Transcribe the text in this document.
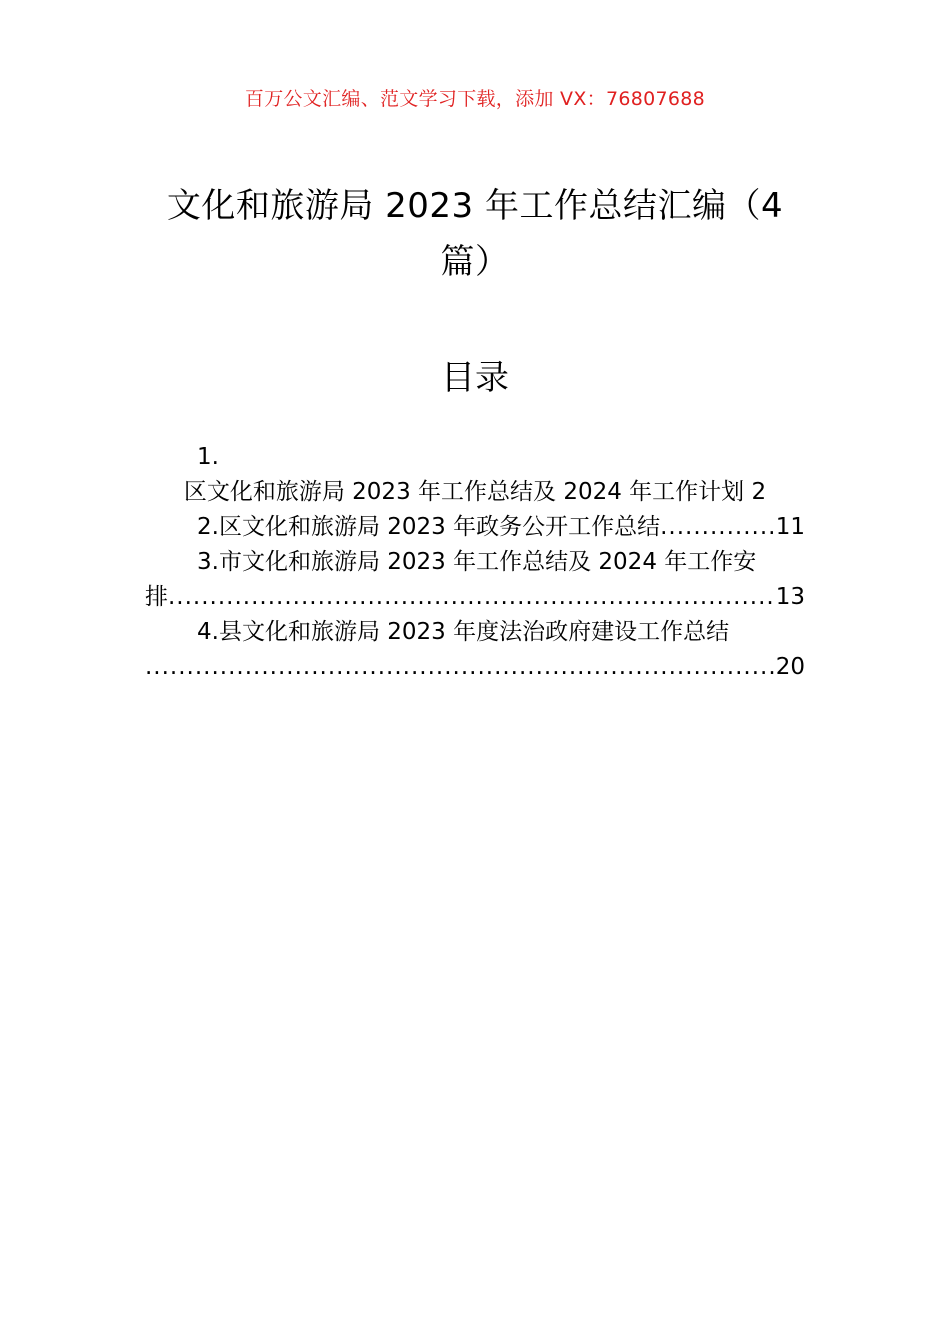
百万公文汇编、范文学习下载，添加 VX：76807688
文化和旅游局 2023 年工作总结汇编（4 篇）
目录
1.
区文化和旅游局 2023 年工作总结及 2024 年工作计划 2
2. 区文化和旅游局 2023 年政务公开工作总结 .....	11
3.市文化和旅游局 2023 年工作总结及 2024 年工作安
排 .....	13
4.县文化和旅游局 2023 年度法治政府建设工作总结
.....
20
